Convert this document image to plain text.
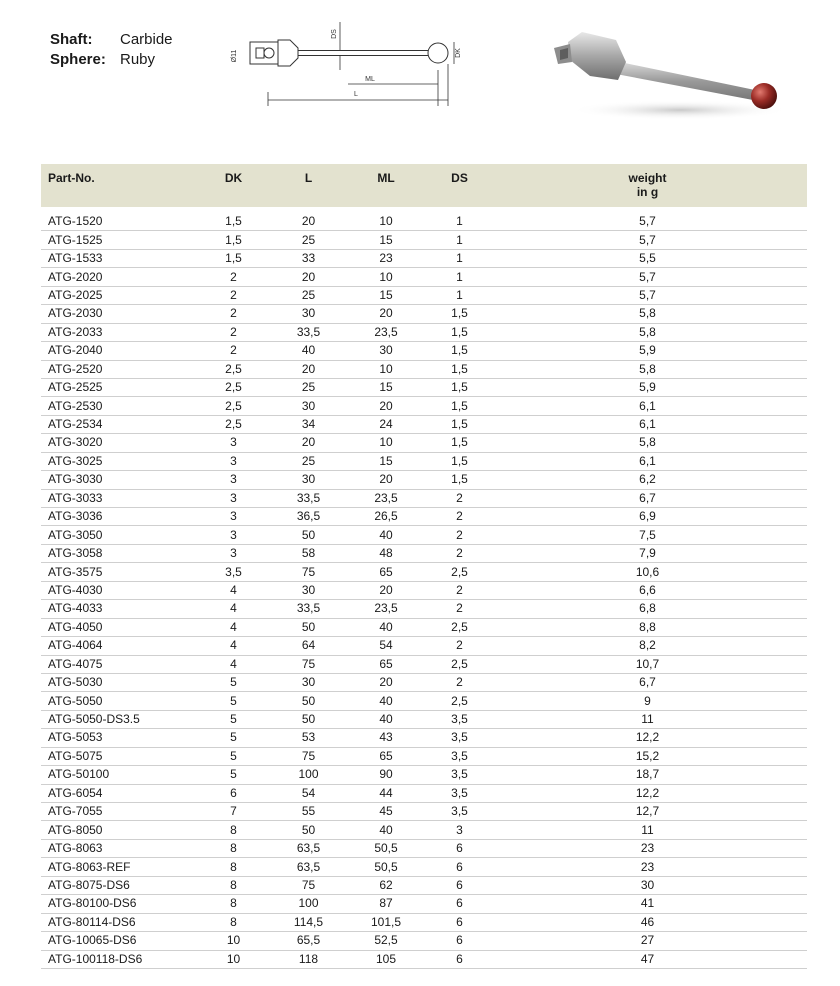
Shaft:	Carbide
Sphere: Ruby	Ø11
DS
DK
ML
L
Part-No.	DK	L	ML	DS	weight
in g

ATG-1520	1,5	20	10	1	5,7
ATG-1525	1,5	25	15	1	5,7
ATG-1533	1,5	33	23	1	5,5
ATG-2020	2	20	10	1	5,7
ATG-2025	2	25	15	1	5,7
ATG-2030	2	30	20	1,5	5,8
ATG-2033	2	33,5	23,5	1,5	5,8
ATG-2040	2	40	30	1,5	5,9
ATG-2520	2,5	20	10	1,5	5,8
ATG-2525	2,5	25	15	1,5	5,9
ATG-2530	2,5	30	20	1,5	6,1
ATG-2534	2,5	34	24	1,5	6,1
ATG-3020	3	20	10	1,5	5,8
ATG-3025	3	25	15	1,5	6,1
ATG-3030	3	30	20	1,5	6,2
ATG-3033	3	33,5	23,5	2	6,7
ATG-3036	3	36,5	26,5	2	6,9
ATG-3050	3	50	40	2	7,5
ATG-3058	3	58	48	2	7,9
ATG-3575	3,5	75	65	2,5	10,6
ATG-4030	4	30	20	2	6,6
ATG-4033	4	33,5	23,5	2	6,8
ATG-4050	4	50	40	2,5	8,8
ATG-4064	4	64	54	2	8,2
ATG-4075	4	75	65	2,5	10,7
ATG-5030	5	30	20	2	6,7
ATG-5050	5	50	40	2,5	9
ATG-5050-DS3.5	5	50	40	3,5	11
ATG-5053	5	53	43	3,5	12,2
ATG-5075	5	75	65	3,5	15,2
ATG-50100	5	100	90	3,5	18,7
ATG-6054	6	54	44	3,5	12,2
ATG-7055	7	55	45	3,5	12,7
ATG-8050	8	50	40	3	11
ATG-8063	8	63,5	50,5	6	23
ATG-8063-REF	8	63,5	50,5	6	23
ATG-8075-DS6	8	75	62	6	30
ATG-80100-DS6	8	100	87	6	41
ATG-80114-DS6	8	114,5	101,5	6	46
ATG-10065-DS6	10	65,5	52,5	6	27
ATG-100118-DS6	10	118	105	6	47
